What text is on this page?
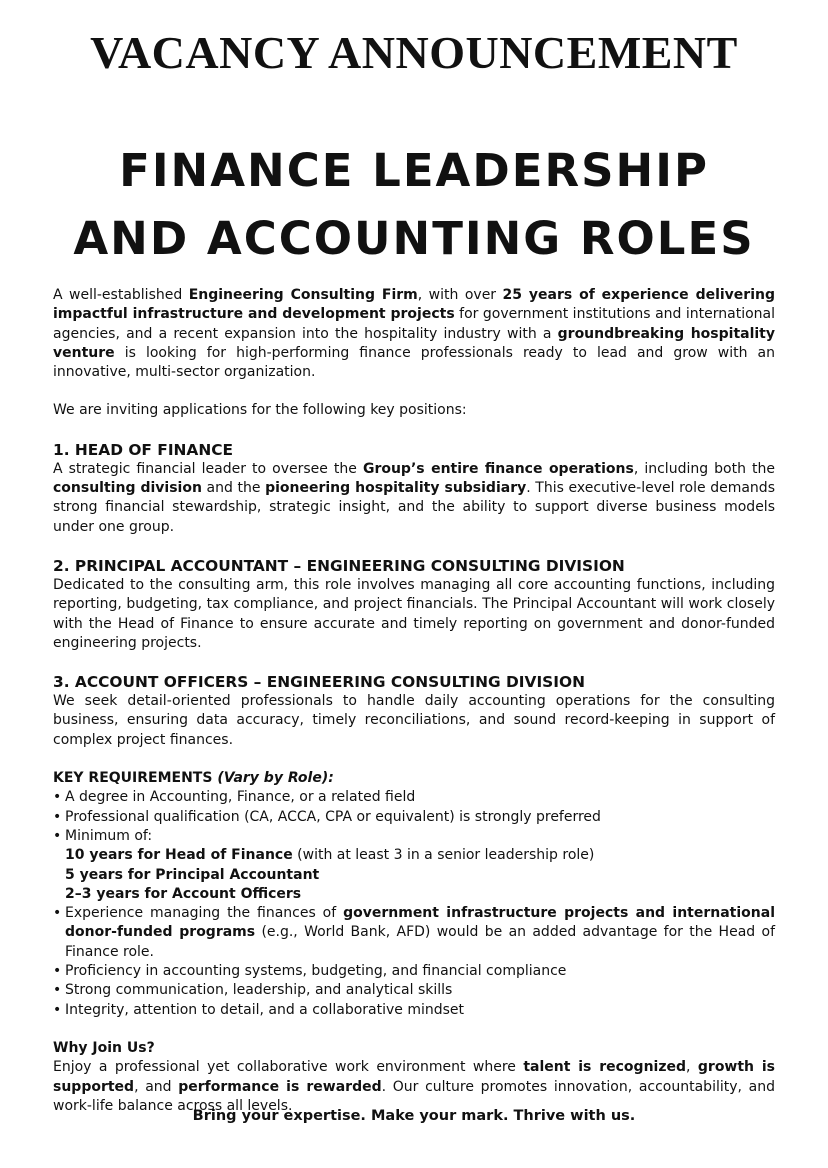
VACANCY ANNOUNCEMENT
FINANCE LEADERSHIP
AND ACCOUNTING ROLES

A well-established Engineering Consulting Firm, with over 25 years of experience delivering impactful infrastructure and development projects for government institutions and international agencies, and a recent expansion into the hospitality industry with a groundbreaking hospitality venture is looking for high-performing finance professionals ready to lead and grow with an innovative, multi-sector organization.

We are inviting applications for the following key positions:

1. HEAD OF FINANCE

A strategic financial leader to oversee the Group’s entire finance operations, including both the consulting division and the pioneering hospitality subsidiary. This executive-level role demands strong financial stewardship, strategic insight, and the ability to support diverse business models under one group.

2. PRINCIPAL ACCOUNTANT – ENGINEERING CONSULTING DIVISION

Dedicated to the consulting arm, this role involves managing all core accounting functions, including reporting, budgeting, tax compliance, and project financials. The Principal Accountant will work closely with the Head of Finance to ensure accurate and timely reporting on government and donor-funded engineering projects.

3. ACCOUNT OFFICERS – ENGINEERING CONSULTING DIVISION

We seek detail-oriented professionals to handle daily accounting operations for the consulting business, ensuring data accuracy, timely reconciliations, and sound record-keeping in support of complex project finances.

KEY REQUIREMENTS (Vary by Role):
• A degree in Accounting, Finance, or a related field
• Professional qualification (CA, ACCA, CPA or equivalent) is strongly preferred
• Minimum of:
10 years for Head of Finance (with at least 3 in a senior leadership role)
5 years for Principal Accountant
2–3 years for Account Officers
• Experience managing the finances of government infrastructure projects and international donor-funded programs (e.g., World Bank, AFD) would be an added advantage for the Head of Finance role.
• Proficiency in accounting systems, budgeting, and financial compliance
• Strong communication, leadership, and analytical skills
• Integrity, attention to detail, and a collaborative mindset
Why Join Us?

Enjoy a professional yet collaborative work environment where talent is recognized, growth is supported, and performance is rewarded. Our culture promotes innovation, accountability, and work-life balance across all levels.

Bring your expertise. Make your mark. Thrive with us.
